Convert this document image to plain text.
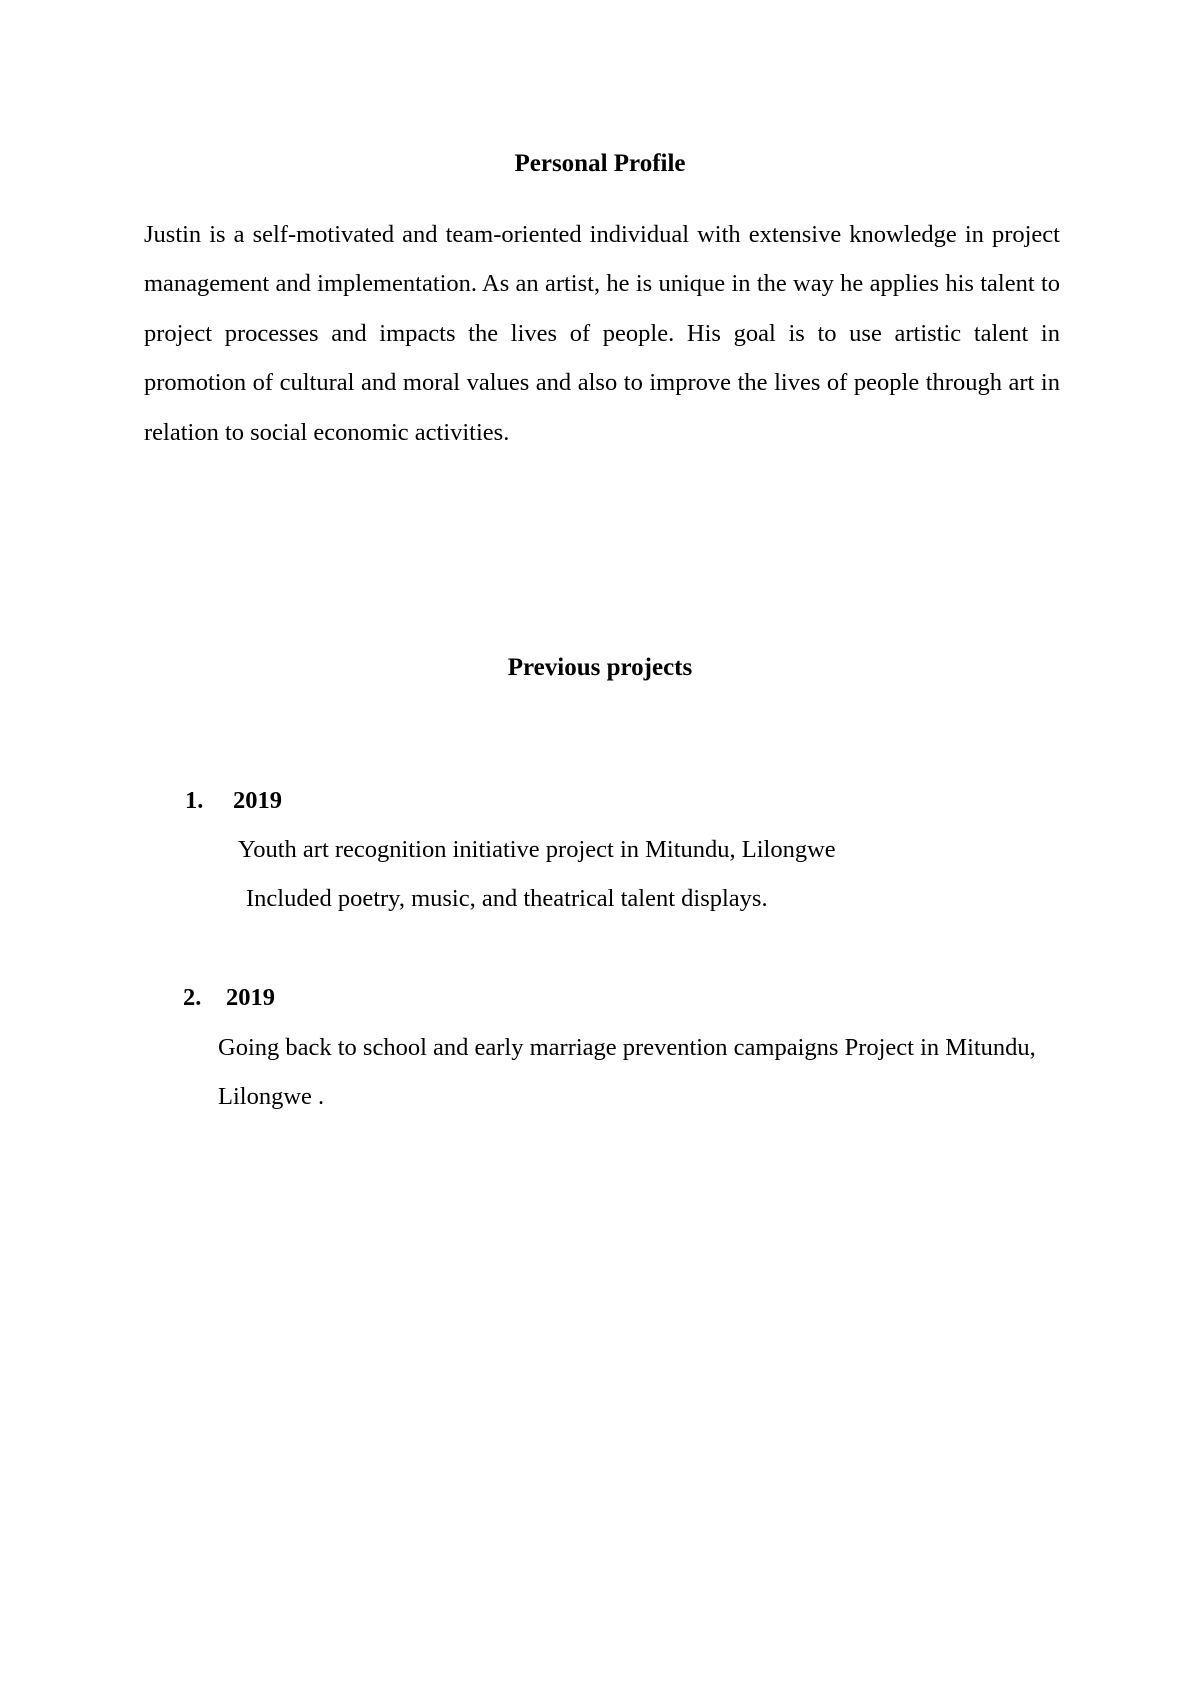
Personal Profile

Justin is a self-motivated and team-oriented individual with extensive knowledge in project management and implementation. As an artist, he is unique in the way he applies his talent to project processes and impacts the lives of people. His goal is to use artistic talent in promotion of cultural and moral values and also to improve the lives of people through art in relation to social economic activities.

Previous projects
1. 2019
Youth art recognition initiative project in Mitundu, Lilongwe
Included poetry, music, and theatrical talent displays.
2. 2019

Going back to school and early marriage prevention campaigns Project in Mitundu, Lilongwe .
